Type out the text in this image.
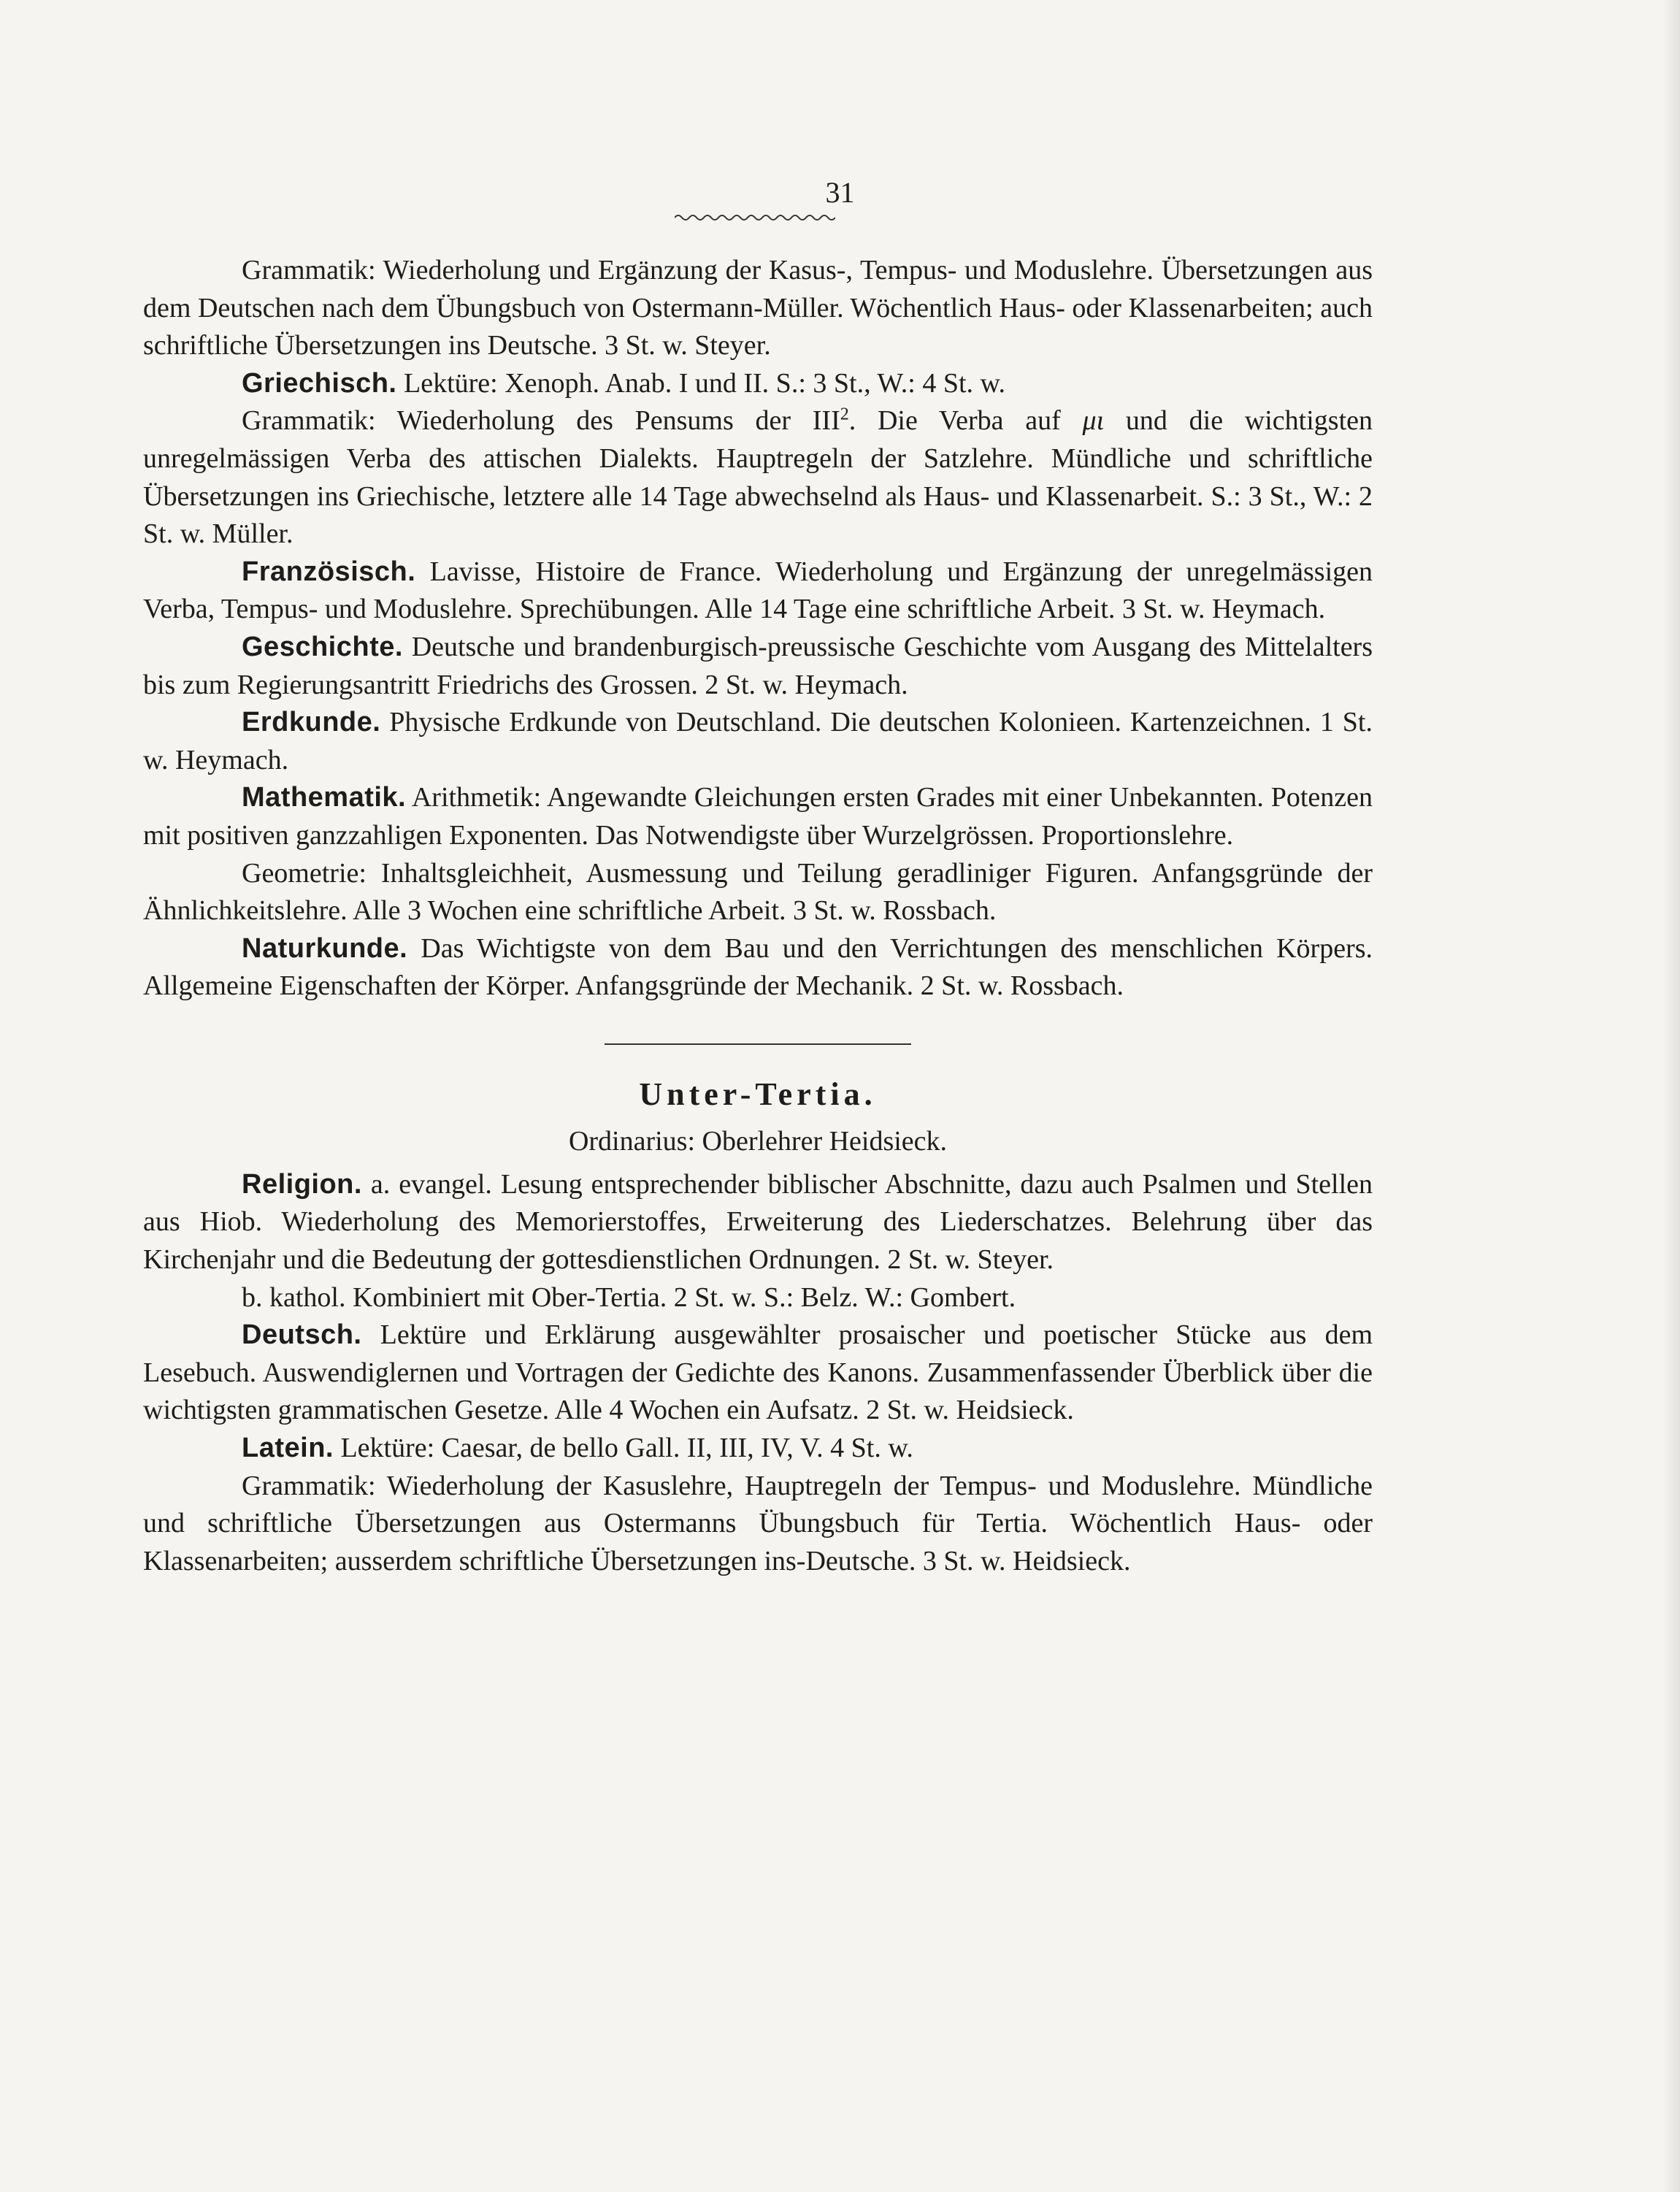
31

Grammatik: Wiederholung und Ergänzung der Kasus-, Tempus- und Moduslehre. Übersetzungen aus dem Deutschen nach dem Übungsbuch von Ostermann-Müller. Wöchentlich Haus- oder Klassenarbeiten; auch schriftliche Übersetzungen ins Deutsche. 3 St. w. Steyer.

Griechisch. Lektüre: Xenoph. Anab. I und II. S.: 3 St., W.: 4 St. w.

Grammatik: Wiederholung des Pensums der III$^2$. Die Verba auf μι und die wichtigsten unregelmässigen Verba des attischen Dialekts. Hauptregeln der Satzlehre. Mündliche und schriftliche Übersetzungen ins Griechische, letztere alle 14 Tage abwechselnd als Haus- und Klassenarbeit. S.: 3 St., W.: 2 St. w. Müller.

Französisch. Lavisse, Histoire de France. Wiederholung und Ergänzung der unregelmässigen Verba, Tempus- und Moduslehre. Sprechübungen. Alle 14 Tage eine schriftliche Arbeit. 3 St. w. Heymach.

Geschichte. Deutsche und brandenburgisch-preussische Geschichte vom Ausgang des Mittelalters bis zum Regierungsantritt Friedrichs des Grossen. 2 St. w. Heymach.

Erdkunde. Physische Erdkunde von Deutschland. Die deutschen Kolonieen. Kartenzeichnen. 1 St. w. Heymach.

Mathematik. Arithmetik: Angewandte Gleichungen ersten Grades mit einer Unbekannten. Potenzen mit positiven ganzzahligen Exponenten. Das Notwendigste über Wurzelgrössen. Proportionslehre.

Geometrie: Inhaltsgleichheit, Ausmessung und Teilung geradliniger Figuren. Anfangsgründe der Ähnlichkeitslehre. Alle 3 Wochen eine schriftliche Arbeit. 3 St. w. Rossbach.

Naturkunde. Das Wichtigste von dem Bau und den Verrichtungen des menschlichen Körpers. Allgemeine Eigenschaften der Körper. Anfangsgründe der Mechanik. 2 St. w. Rossbach.

Unter-Tertia.
Ordinarius: Oberlehrer Heidsieck.

Religion. a. evangel. Lesung entsprechender biblischer Abschnitte, dazu auch Psalmen und Stellen aus Hiob. Wiederholung des Memorierstoffes, Erweiterung des Liederschatzes. Belehrung über das Kirchenjahr und die Bedeutung der gottesdienstlichen Ordnungen. 2 St. w. Steyer.

b. kathol. Kombiniert mit Ober-Tertia. 2 St. w. S.: Belz. W.: Gombert.

Deutsch. Lektüre und Erklärung ausgewählter prosaischer und poetischer Stücke aus dem Lesebuch. Auswendiglernen und Vortragen der Gedichte des Kanons. Zusammenfassender Überblick über die wichtigsten grammatischen Gesetze. Alle 4 Wochen ein Aufsatz. 2 St. w. Heidsieck.

Latein. Lektüre: Caesar, de bello Gall. II, III, IV, V. 4 St. w.

Grammatik: Wiederholung der Kasuslehre, Hauptregeln der Tempus- und Moduslehre. Mündliche und schriftliche Übersetzungen aus Ostermanns Übungsbuch für Tertia. Wöchentlich Haus- oder Klassenarbeiten; ausserdem schriftliche Übersetzungen ins-Deutsche. 3 St. w. Heidsieck.
